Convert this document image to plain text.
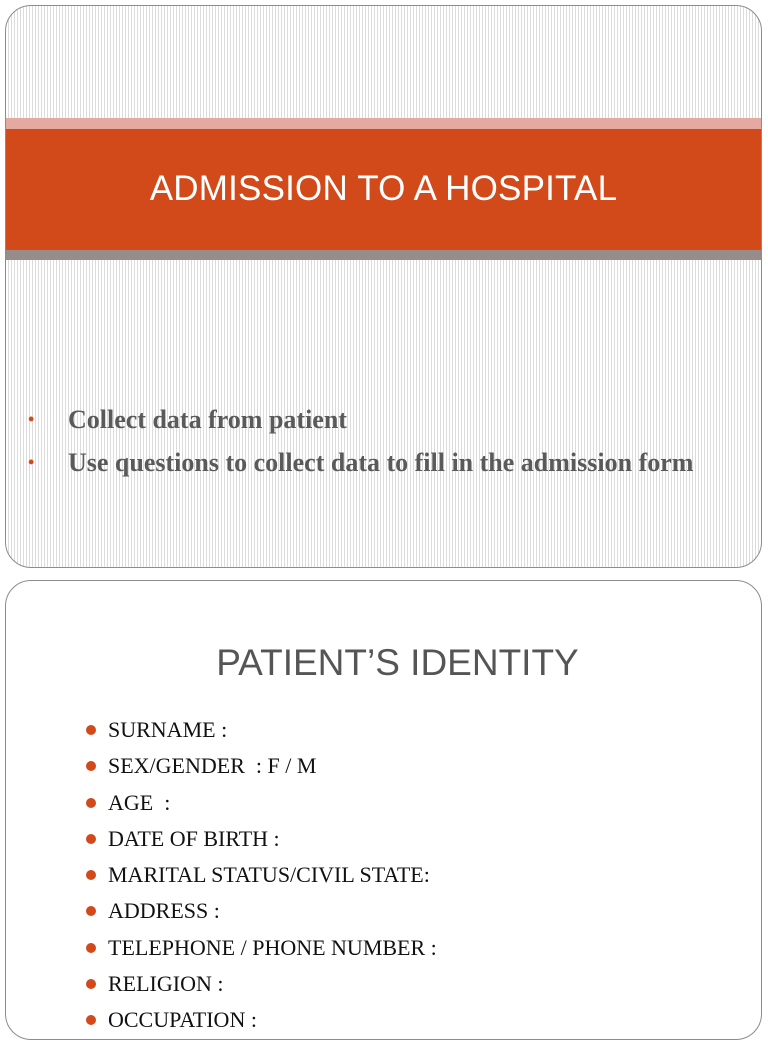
ADMISSION TO A HOSPITAL
• Collect data from patient
• Use questions to collect data to fill in the admission form
PATIENT’S IDENTITY
SURNAME :
SEX/GENDER  : F / M
AGE  :
DATE OF BIRTH :
MARITAL STATUS/CIVIL STATE:
ADDRESS :
TELEPHONE / PHONE NUMBER :
RELIGION :
OCCUPATION :
